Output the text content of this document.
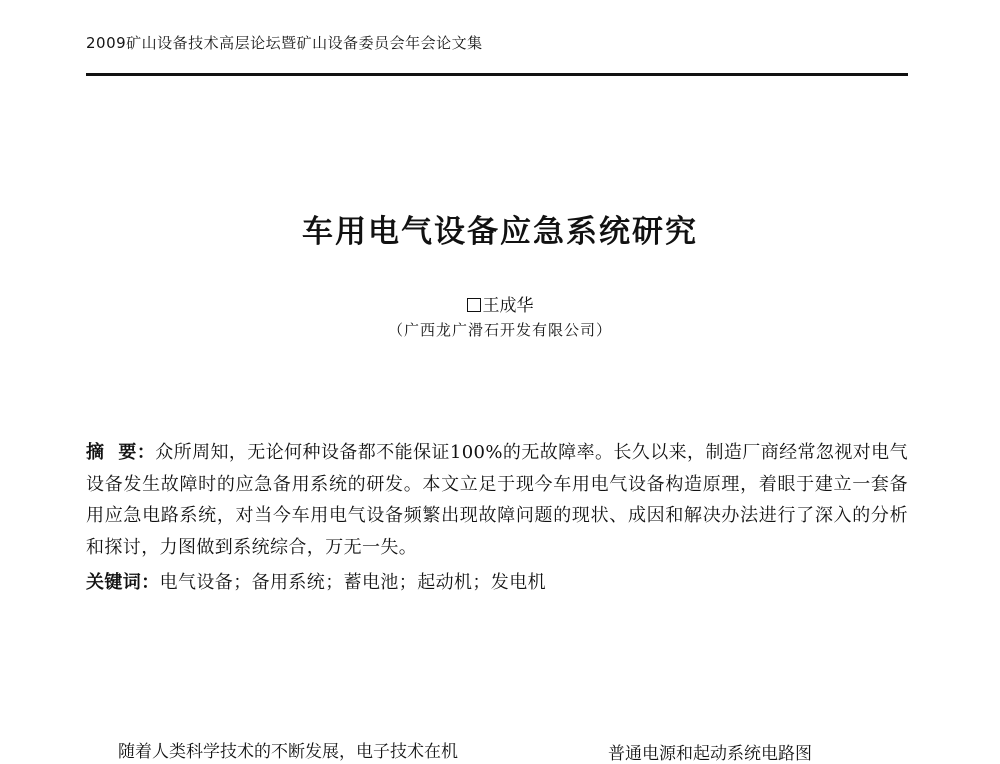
2009矿山设备技术高层论坛暨矿山设备委员会年会论文集
车用电气设备应急系统研究
王成华
（广西龙广滑石开发有限公司）
摘 要：众所周知，无论何种设备都不能保证100%的无故障率。长久以来，制造厂商经常忽视对电气设备发生故障时的应急备用系统的研发。本文立足于现今车用电气设备构造原理，着眼于建立一套备用应急电路系统，对当今车用电气设备频繁出现故障问题的现状、成因和解决办法进行了深入的分析和探讨，力图做到系统综合，万无一失。
关键词：电气设备；备用系统；蓄电池；起动机；发电机
随着人类科学技术的不断发展，电子技术在机	普通电源和起动系统电路图
